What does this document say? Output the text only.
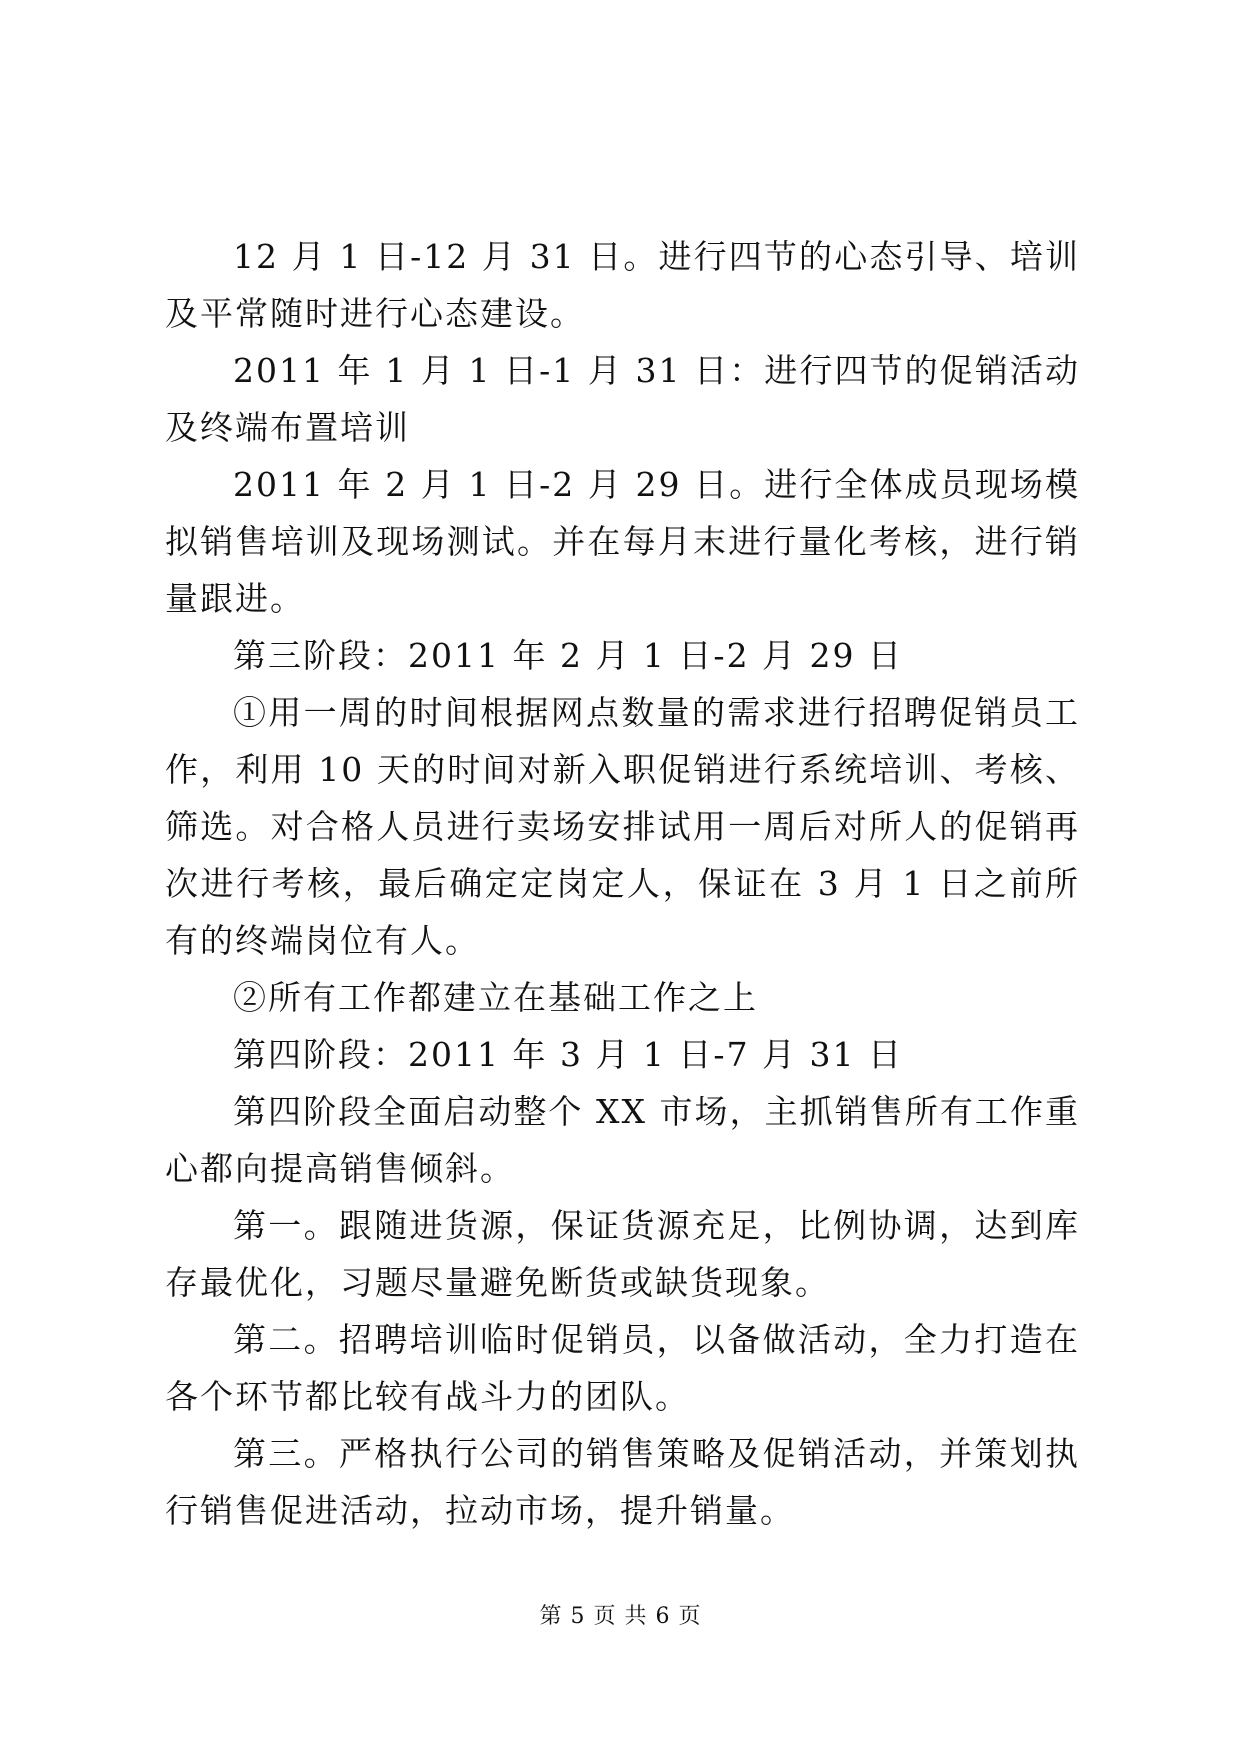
12 月 1 日-12 月 31 日。进行四节的心态引导、培训及平常随时进行心态建设。

2011 年 1 月 1 日-1 月 31 日：进行四节的促销活动及终端布置培训

2011 年 2 月 1 日-2 月 29 日。进行全体成员现场模拟销售培训及现场测试。并在每月末进行量化考核，进行销量跟进。

第三阶段：2011 年 2 月 1 日-2 月 29 日

①用一周的时间根据网点数量的需求进行招聘促销员工作，利用 10 天的时间对新入职促销进行系统培训、考核、筛选。对合格人员进行卖场安排试用一周后对所人的促销再次进行考核，最后确定定岗定人，保证在 3 月 1 日之前所有的终端岗位有人。

②所有工作都建立在基础工作之上

第四阶段：2011 年 3 月 1 日-7 月 31 日

第四阶段全面启动整个 XX 市场，主抓销售所有工作重心都向提高销售倾斜。

第一。跟随进货源，保证货源充足，比例协调，达到库存最优化，习题尽量避免断货或缺货现象。

第二。招聘培训临时促销员，以备做活动，全力打造在各个环节都比较有战斗力的团队。

第三。严格执行公司的销售策略及促销活动，并策划执行销售促进活动，拉动市场，提升销量。

第 5 页 共 6 页
